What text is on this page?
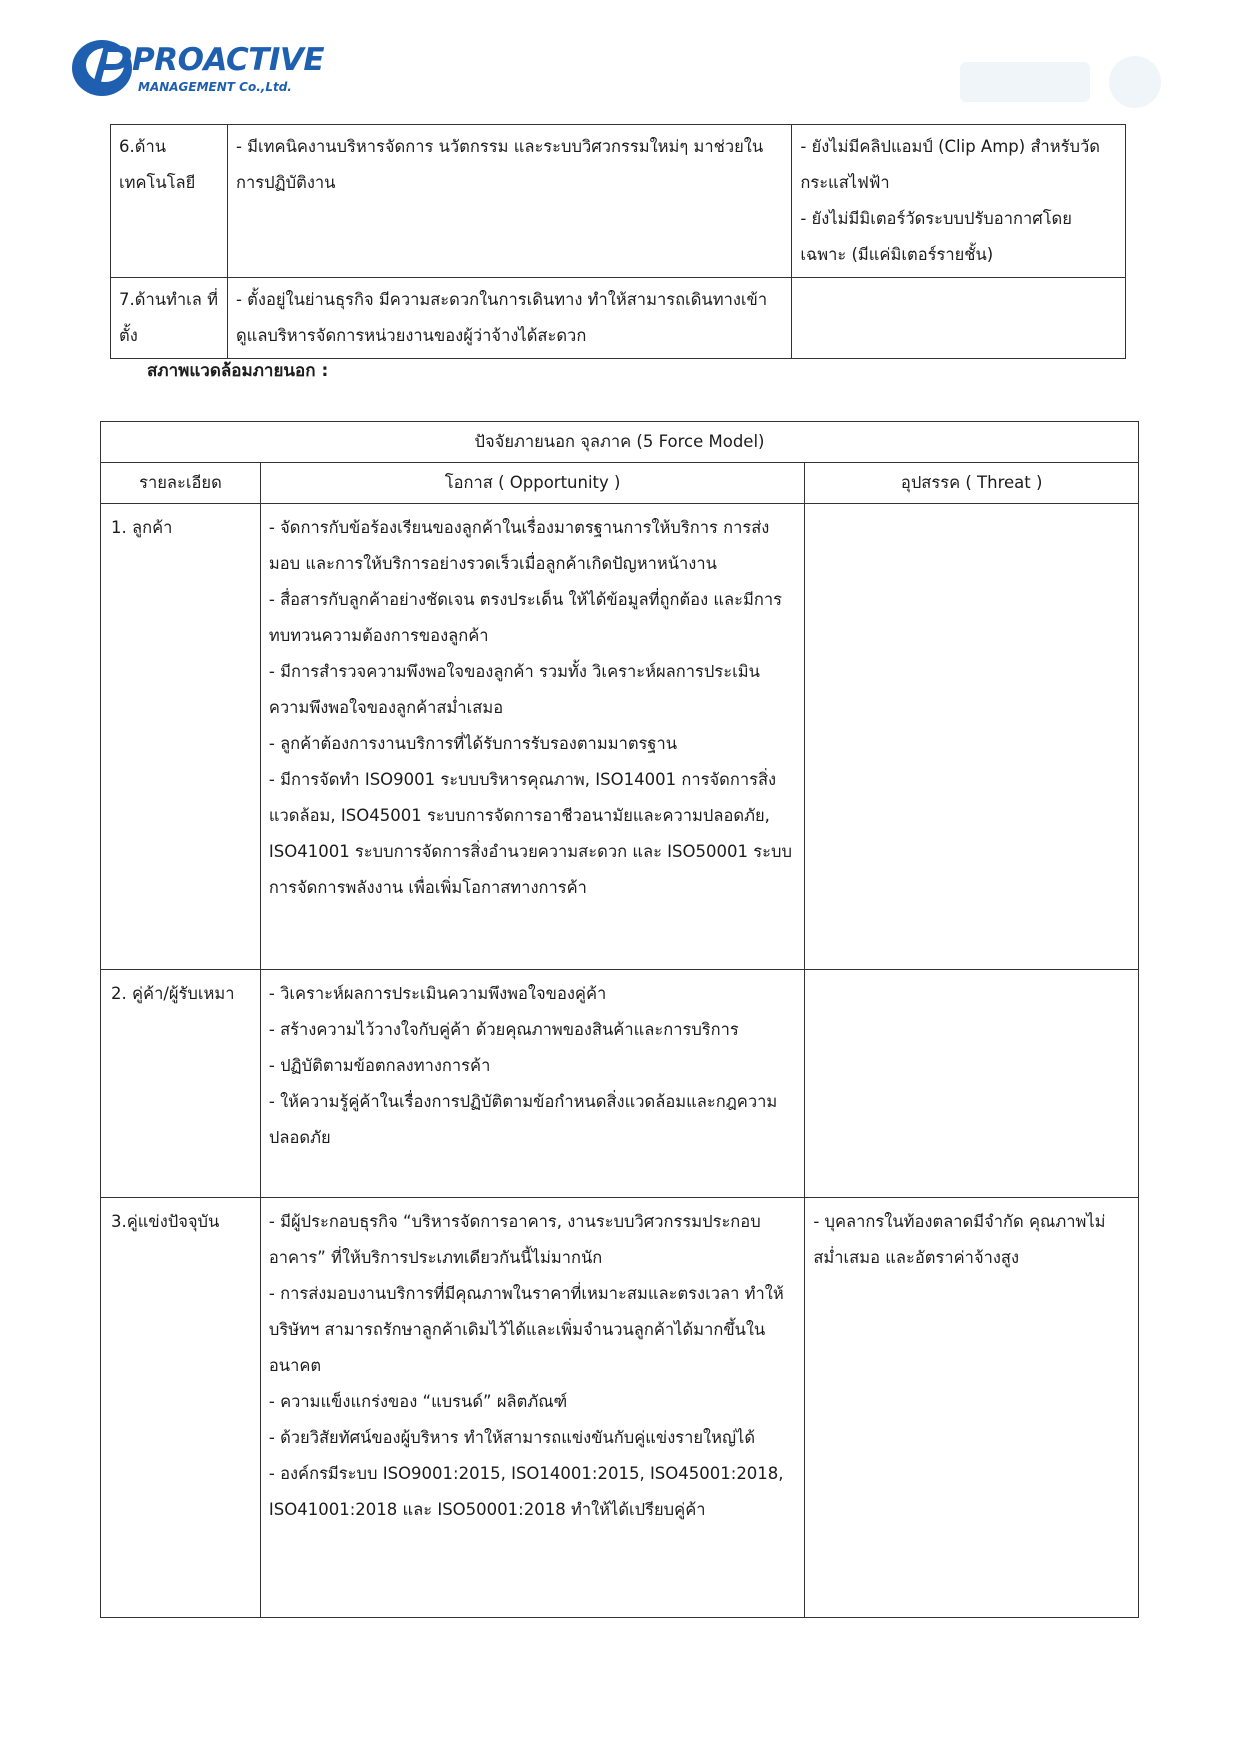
PROACTIVE
MANAGEMENT Co.,Ltd.
6.ด้าน เทคโนโลยี	- มีเทคนิคงานบริหารจัดการ นวัตกรรม และระบบวิศวกรรมใหม่ๆ มาช่วยในการปฏิบัติงาน	- ยังไม่มีคลิปแอมป์ (Clip Amp) สำหรับวัดกระแสไฟฟ้า
- ยังไม่มีมิเตอร์วัดระบบปรับอากาศโดยเฉพาะ (มีแค่มิเตอร์รายชั้น)

7.ด้านทำเล ที่ตั้ง	- ตั้งอยู่ในย่านธุรกิจ มีความสะดวกในการเดินทาง ทำให้สามารถเดินทางเข้าดูแลบริหารจัดการหน่วยงานของผู้ว่าจ้างได้สะดวก	

สภาพแวดล้อมภายนอก :
ปัจจัยภายนอก จุลภาค (5 Force Model)		
รายละเอียด	โอกาส ( Opportunity )	อุปสรรค ( Threat )
1. ลูกค้า	- จัดการกับข้อร้องเรียนของลูกค้าในเรื่องมาตรฐานการให้บริการ การส่งมอบ และการให้บริการอย่างรวดเร็วเมื่อลูกค้าเกิดปัญหาหน้างาน
- สื่อสารกับลูกค้าอย่างชัดเจน ตรงประเด็น ให้ได้ข้อมูลที่ถูกต้อง และมีการทบทวนความต้องการของลูกค้า
- มีการสำรวจความพึงพอใจของลูกค้า รวมทั้ง วิเคราะห์ผลการประเมินความพึงพอใจของลูกค้าสม่ำเสมอ
- ลูกค้าต้องการงานบริการที่ได้รับการรับรองตามมาตรฐาน
- มีการจัดทำ ISO9001 ระบบบริหารคุณภาพ, ISO14001 การจัดการสิ่งแวดล้อม, ISO45001 ระบบการจัดการอาชีวอนามัยและความปลอดภัย, ISO41001 ระบบการจัดการสิ่งอำนวยความสะดวก และ ISO50001 ระบบการจัดการพลังงาน เพื่อเพิ่มโอกาสทางการค้า	

2. คู่ค้า/ผู้รับเหมา	- วิเคราะห์ผลการประเมินความพึงพอใจของคู่ค้า
- สร้างความไว้วางใจกับคู่ค้า ด้วยคุณภาพของสินค้าและการบริการ
- ปฏิบัติตามข้อตกลงทางการค้า
- ให้ความรู้คู่ค้าในเรื่องการปฏิบัติตามข้อกำหนดสิ่งแวดล้อมและกฎความปลอดภัย	

3.คู่แข่งปัจจุบัน	- มีผู้ประกอบธุรกิจ “บริหารจัดการอาคาร, งานระบบวิศวกรรมประกอบอาคาร” ที่ให้บริการประเภทเดียวกันนี้ไม่มากนัก
- การส่งมอบงานบริการที่มีคุณภาพในราคาที่เหมาะสมและตรงเวลา ทำให้บริษัทฯ สามารถรักษาลูกค้าเดิมไว้ได้และเพิ่มจำนวนลูกค้าได้มากขึ้นในอนาคต
- ความแข็งแกร่งของ “แบรนด์” ผลิตภัณฑ์
- ด้วยวิสัยทัศน์ของผู้บริหาร ทำให้สามารถแข่งขันกับคู่แข่งรายใหญ่ได้
- องค์กรมีระบบ ISO9001:2015, ISO14001:2015, ISO45001:2018, ISO41001:2018 และ ISO50001:2018 ทำให้ได้เปรียบคู่ค้า	- บุคลากรในท้องตลาดมีจำกัด คุณภาพไม่สม่ำเสมอ และอัตราค่าจ้างสูง
